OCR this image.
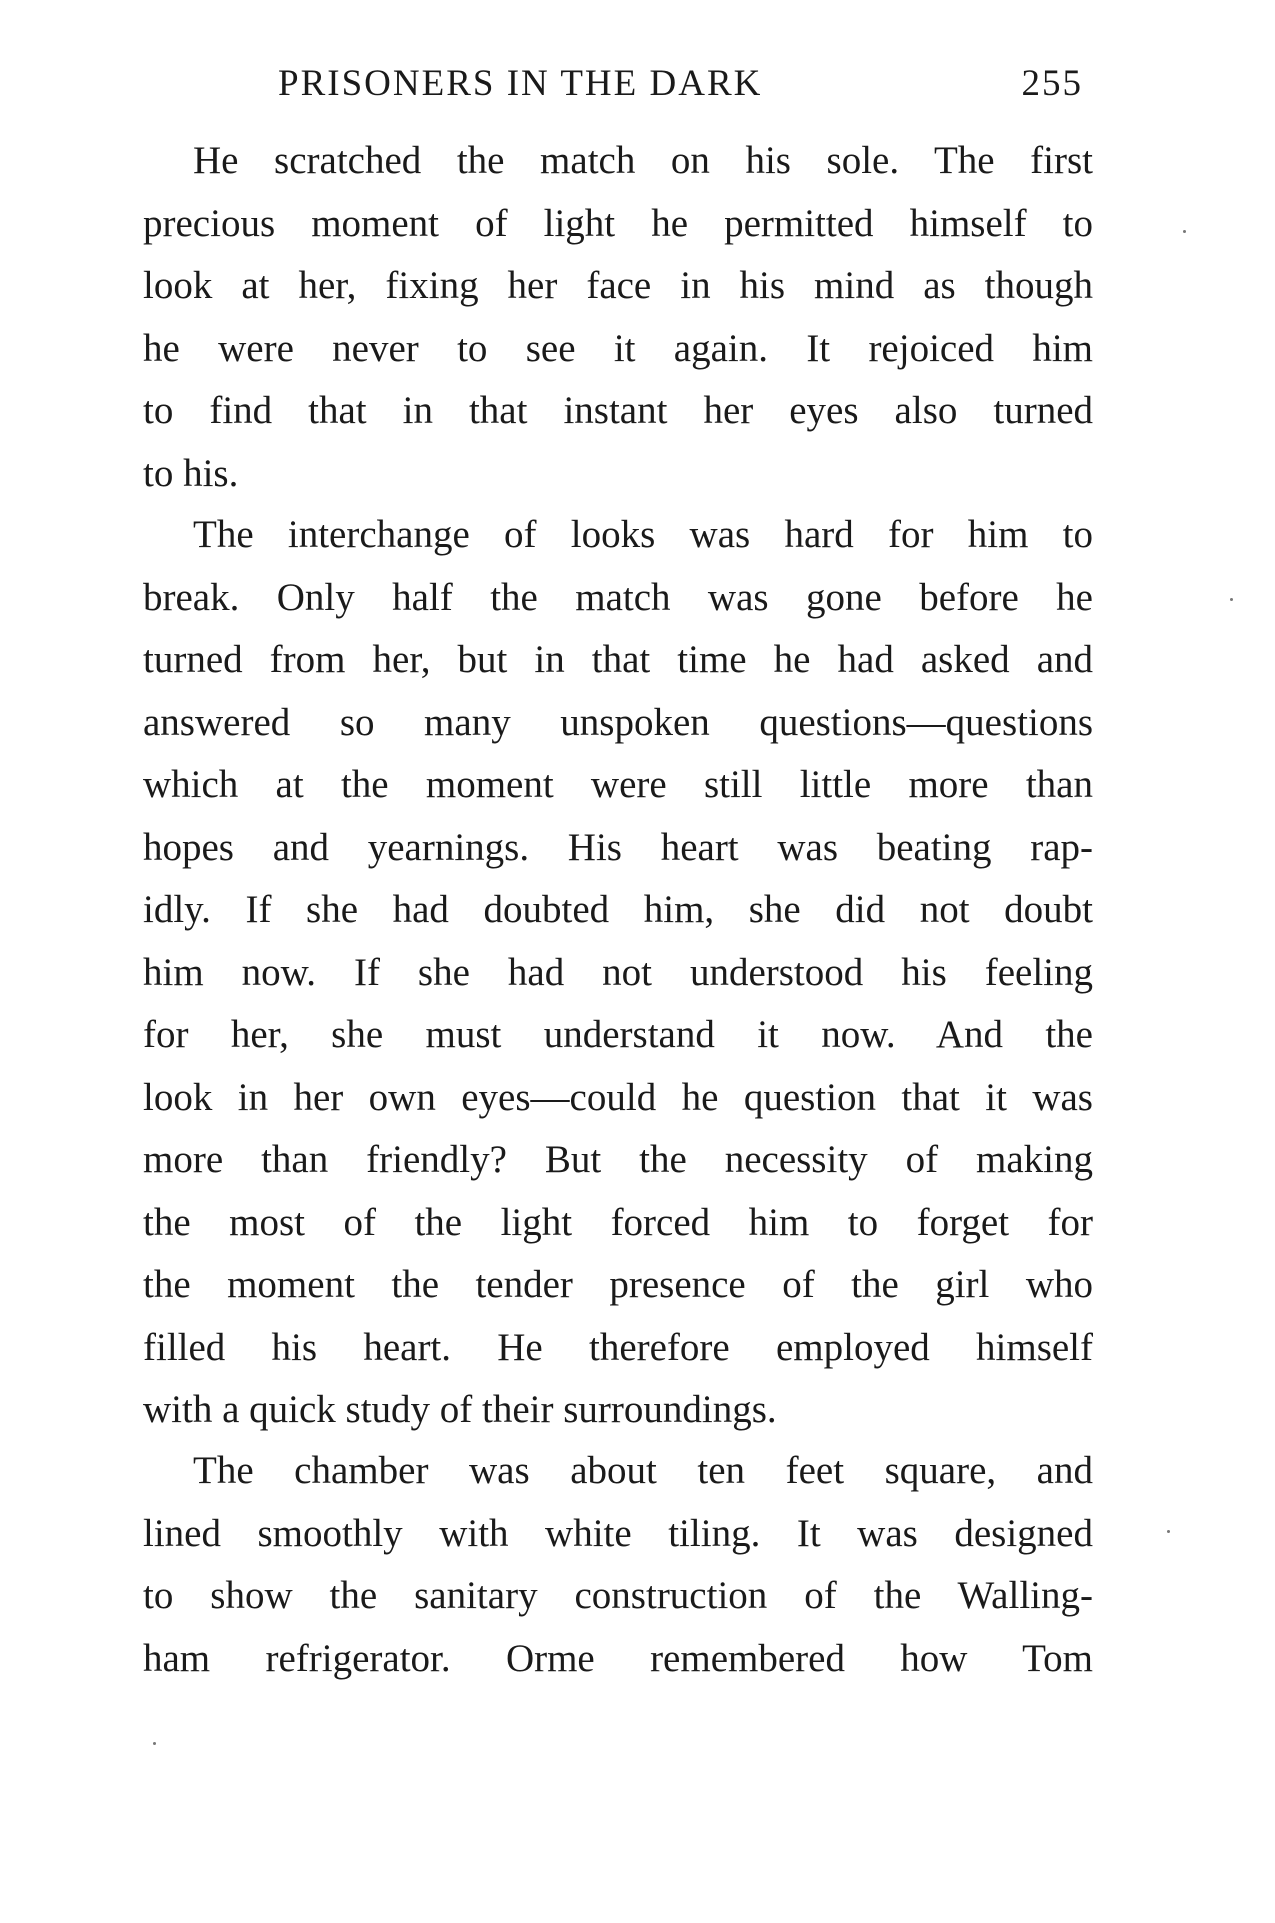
PRISONERS IN THE DARK	255
He scratched the match on his sole. The first
precious moment of light he permitted himself to
look at her, fixing her face in his mind as though
he were never to see it again. It rejoiced him
to find that in that instant her eyes also turned
to his.
The interchange of looks was hard for him to
break. Only half the match was gone before he
turned from her, but in that time he had asked and
answered so many unspoken questions—questions
which at the moment were still little more than
hopes and yearnings. His heart was beating rap-
idly. If she had doubted him, she did not doubt
him now. If she had not understood his feeling
for her, she must understand it now. And the
look in her own eyes—could he question that it was
more than friendly? But the necessity of making
the most of the light forced him to forget for
the moment the tender presence of the girl who
filled his heart. He therefore employed himself
with a quick study of their surroundings.
The chamber was about ten feet square, and
lined smoothly with white tiling. It was designed
to show the sanitary construction of the Walling-
ham refrigerator. Orme remembered how Tom
